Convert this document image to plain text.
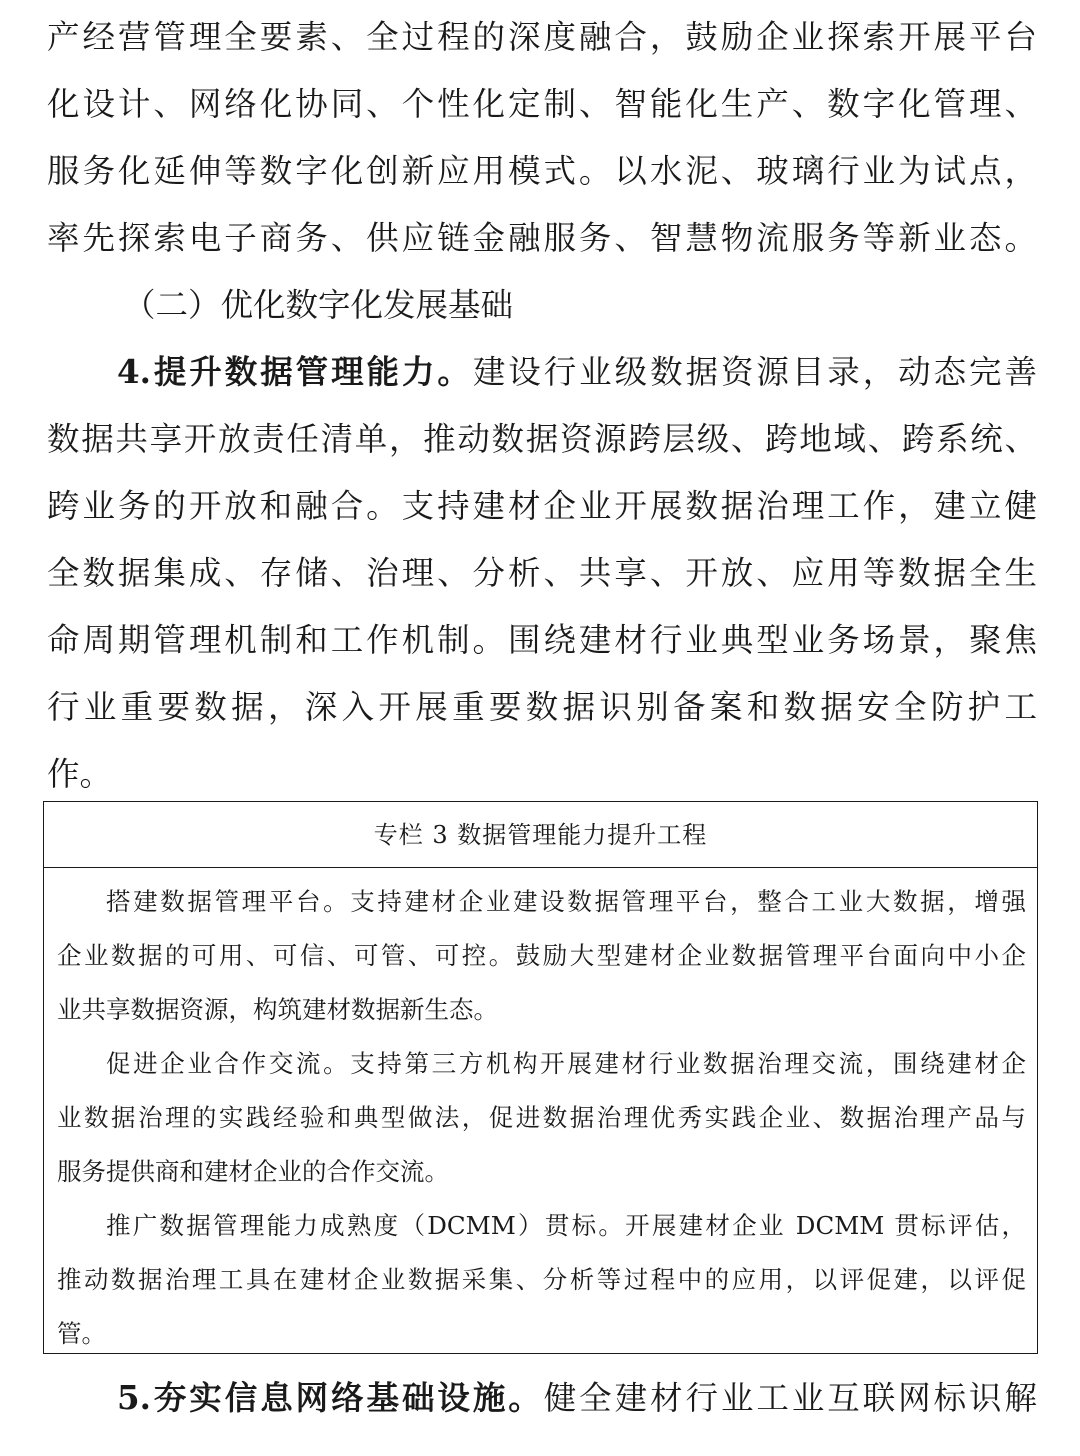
产经营管理全要素、全过程的深度融合，鼓励企业探索开展平台
化设计、网络化协同、个性化定制、智能化生产、数字化管理、
服务化延伸等数字化创新应用模式。以水泥、玻璃行业为试点，
率先探索电子商务、供应链金融服务、智慧物流服务等新业态。
（二）优化数字化发展基础
4.提升数据管理能力。建设行业级数据资源目录，动态完善
数据共享开放责任清单，推动数据资源跨层级、跨地域、跨系统、
跨业务的开放和融合。支持建材企业开展数据治理工作，建立健
全数据集成、存储、治理、分析、共享、开放、应用等数据全生
命周期管理机制和工作机制。围绕建材行业典型业务场景，聚焦
行业重要数据，深入开展重要数据识别备案和数据安全防护工
作。
专栏 3 数据管理能力提升工程
搭建数据管理平台。支持建材企业建设数据管理平台，整合工业大数据，增强
企业数据的可用、可信、可管、可控。鼓励大型建材企业数据管理平台面向中小企
业共享数据资源，构筑建材数据新生态。
促进企业合作交流。支持第三方机构开展建材行业数据治理交流，围绕建材企
业数据治理的实践经验和典型做法，促进数据治理优秀实践企业、数据治理产品与
服务提供商和建材企业的合作交流。
推广数据管理能力成熟度（DCMM）贯标。开展建材企业 DCMM 贯标评估，
推动数据治理工具在建材企业数据采集、分析等过程中的应用，以评促建，以评促
管。
5.夯实信息网络基础设施。健全建材行业工业互联网标识解
